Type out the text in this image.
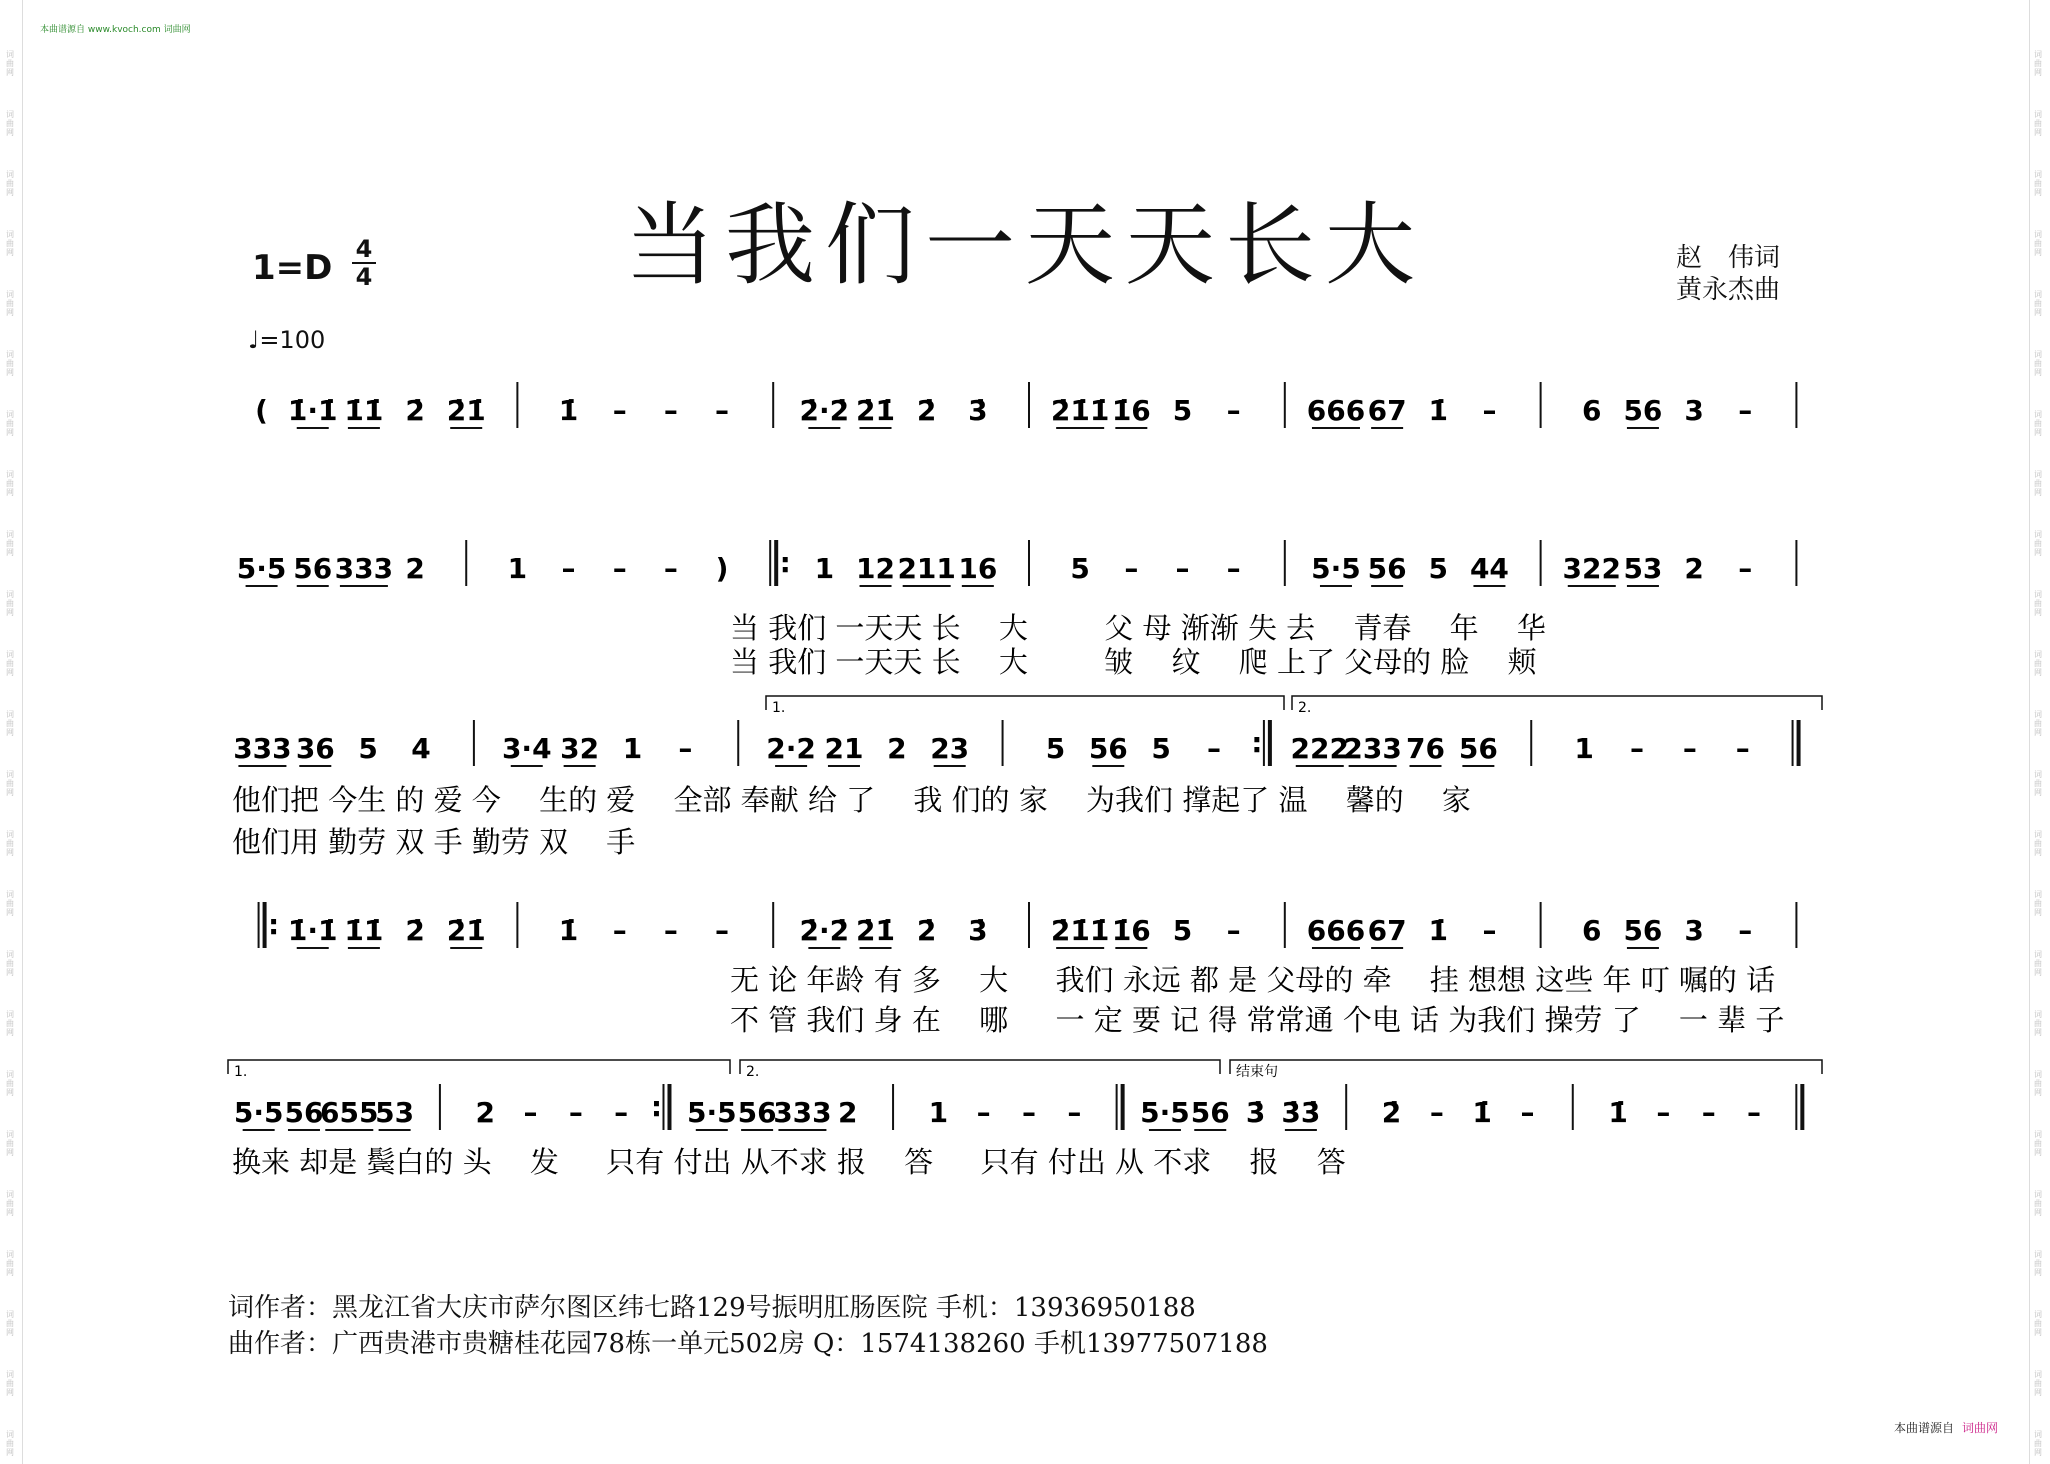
本曲谱源自 www.kvoch.com 词曲网
当我们一天天长大
1=D 4
4
♩=100
赵　伟词
黄永杰曲
( 1̇·1̇ 1̇1̇ 2̇ 2̇1̇	1̇ – – –	2̇·2̇ 2̇1̇ 2̇ 3̇ 2̇1̇1̇ 1̇6 5 – 666 67 1̇ –	6 56 3 –
5·5 56 333 2	1 – – – ) : 1 12 211 16	5 – – –	5·5 56 5 44 322 53 2 –
当 我们 一天天 长 　大 　　 父 母 渐渐 失 去 　青春 　年 　华
当 我们 一天天 长 　大 　　 皱 　纹 　爬 上了 父母的 脸 　颊
333 36 5 4	3·4 32 1 –	2·2 21 2 23	5 56 5 – : 222
233 76 56	1 – – –
他们把 今生 的 爱 今 　生的 爱 　全部 奉献 给 了 　我 们的 家 　为我们 撑起了 温 　馨的 　家
他们用 勤劳 双 手 勤劳 双 　手
1.	2.
: 1̇·1̇ 1̇1̇ 2̇ 2̇1̇	1̇ – – –	2̇·2̇ 2̇1̇ 2̇ 3̇ 2̇1̇1̇ 1̇6 5 – 666 67 1̇ –	6 56 3 –
无 论 年龄 有 多 　大 　 我们 永远 都 是 父母的 牵 　挂 想想 这些 年 叮 嘱的 话
不 管 我们 身 在 　哪 　 一 定 要 记 得 常常通 个电 话 为我们 操劳 了 　一 辈 子
5·5 56
655
53 2 – – – : 5·5 56
333 2	1 – – – 5·5 56 3̇ 3̇3̇ 2̇ – 1̇ –	1̇ – – –
换来 却是 鬓白的 头 　发 　 只有 付出 从不求 报 　答 　 只有 付出 从 不求 　报 　答
1.	2.	结束句
词作者：黑龙江省大庆市萨尔图区纬七路129号振明肛肠医院 手机：13936950188
曲作者：广西贵港市贵糖桂花园78栋一单元502房 Q：1574138260 手机13977507188
本曲谱源自 词曲网
词
曲
网
词
曲
网
词
曲
网
词
曲
网
词
曲
网
词
曲
网
词
曲
网
词
曲
网
词
曲
网
词
曲
网
词
曲
网
词
曲
网
词
曲
网
词
曲
网
词
曲
网
词
曲
网
词
曲
网
词
曲
网
词
曲
网
词
曲
网
词
曲
网
词
曲
网
词
曲
网
词
曲
网
词
曲
网
词
曲
网
词
曲
网
词
曲
网
词
曲
网
词
曲
网
词
曲
网
词
曲
网
词
曲
网
词
曲
网
词
曲
网
词
曲
网
词
曲
网
词
曲
网
词
曲
网
词
曲
网
词
曲
网
词
曲
网
词
曲
网
词
曲
网
词
曲
网
词
曲
网
词
曲
网
词
曲
网
